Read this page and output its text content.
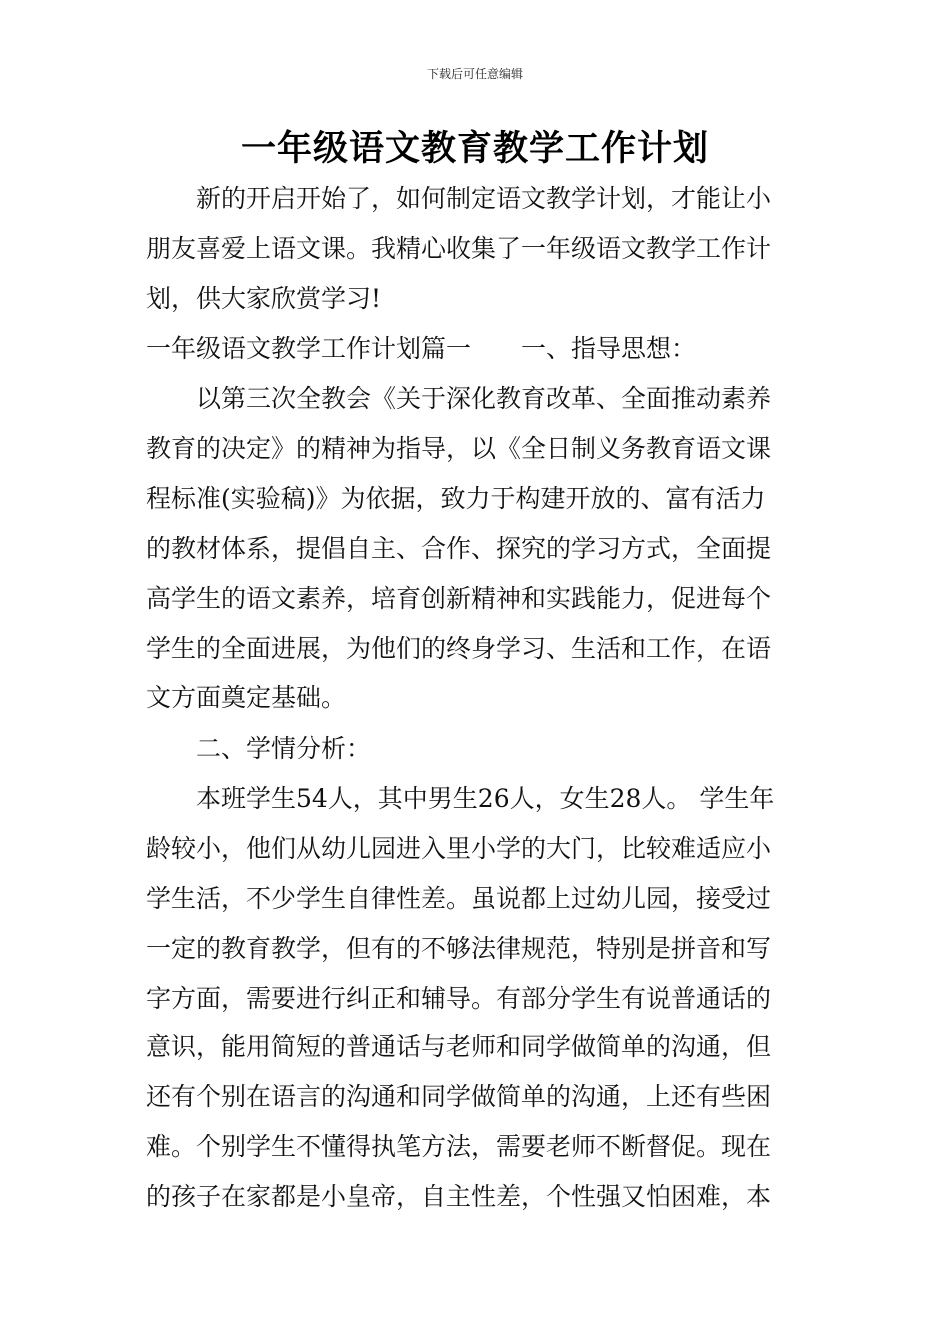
下载后可任意编辑
一年级语文教育教学工作计划
新的开启开始了，如何制定语文教学计划，才能让小
朋友喜爱上语文课。我精心收集了一年级语文教学工作计
划，供大家欣赏学习!
一年级语文教学工作计划篇一　　一、指导思想：
以第三次全教会《关于深化教育改革、全面推动素养
教育的决定》的精神为指导，以《全日制义务教育语文课
程标准(实验稿)》为依据，致力于构建开放的、富有活力
的教材体系，提倡自主、合作、探究的学习方式，全面提
高学生的语文素养，培育创新精神和实践能力，促进每个
学生的全面进展，为他们的终身学习、生活和工作，在语
文方面奠定基础。
二、学情分析：
本班学生54人，其中男生26人，女生28人。 学生年
龄较小，他们从幼儿园进入里小学的大门，比较难适应小
学生活，不少学生自律性差。虽说都上过幼儿园，接受过
一定的教育教学，但有的不够法律规范，特别是拼音和写
字方面，需要进行纠正和辅导。有部分学生有说普通话的
意识，能用简短的普通话与老师和同学做简单的沟通，但
还有个别在语言的沟通和同学做简单的沟通，上还有些困
难。个别学生不懂得执笔方法，需要老师不断督促。现在
的孩子在家都是小皇帝，自主性差，个性强又怕困难，本
